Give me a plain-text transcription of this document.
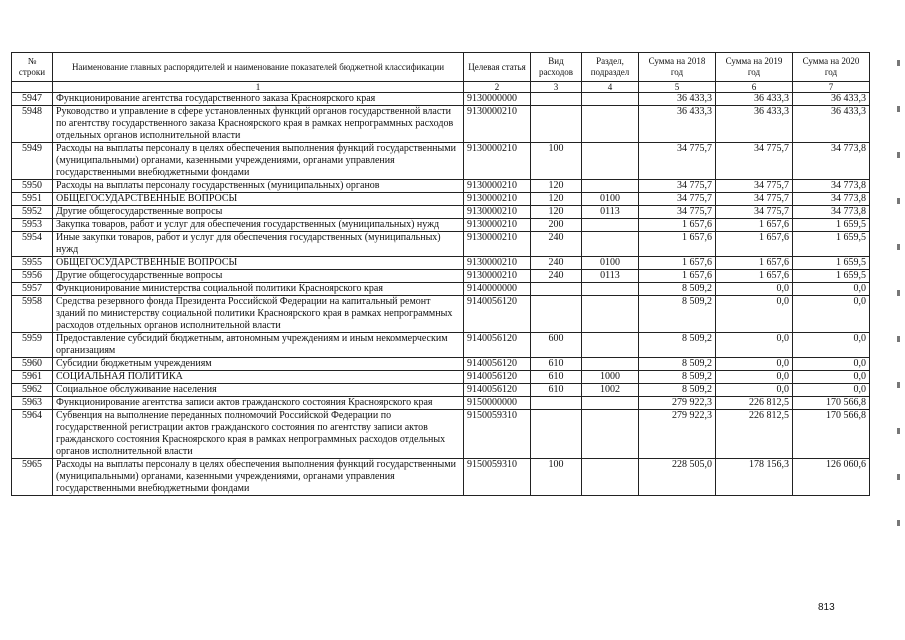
№ строки	Наименование главных распорядителей и наименование показателей бюджетной классификации	Целевая статья	Вид расходов	Раздел, подраздел	Сумма на 2018 год	Сумма на 2019 год	Сумма на 2020 год
	1	2	3	4	5	6	7
5947	Функционирование агентства государственного заказа Красноярского края	9130000000			36 433,3	36 433,3	36 433,3
5948	Руководство и управление в сфере установленных функций органов государственной власти по агентству государственного заказа Красноярского края в рамках непрограммных расходов отдельных органов исполнительной власти	9130000210			36 433,3	36 433,3	36 433,3
5949	Расходы на выплаты персоналу в целях обеспечения выполнения функций государственными (муниципальными) органами, казенными учреждениями, органами управления государственными внебюджетными фондами	9130000210	100		34 775,7	34 775,7	34 773,8
5950	Расходы на выплаты персоналу государственных (муниципальных) органов	9130000210	120		34 775,7	34 775,7	34 773,8
5951	ОБЩЕГОСУДАРСТВЕННЫЕ ВОПРОСЫ	9130000210	120	0100	34 775,7	34 775,7	34 773,8
5952	Другие общегосударственные вопросы	9130000210	120	0113	34 775,7	34 775,7	34 773,8
5953	Закупка товаров, работ и услуг для обеспечения государственных (муниципальных) нужд	9130000210	200		1 657,6	1 657,6	1 659,5
5954	Иные закупки товаров, работ и услуг для обеспечения государственных (муниципальных) нужд	9130000210	240		1 657,6	1 657,6	1 659,5
5955	ОБЩЕГОСУДАРСТВЕННЫЕ ВОПРОСЫ	9130000210	240	0100	1 657,6	1 657,6	1 659,5
5956	Другие общегосударственные вопросы	9130000210	240	0113	1 657,6	1 657,6	1 659,5
5957	Функционирование министерства социальной политики Красноярского края	9140000000			8 509,2	0,0	0,0
5958	Средства резервного фонда Президента Российской Федерации на капитальный ремонт зданий по министерству социальной политики Красноярского края в рамках непрограммных расходов отдельных органов исполнительной власти	9140056120			8 509,2	0,0	0,0
5959	Предоставление субсидий бюджетным, автономным учреждениям и иным некоммерческим организациям	9140056120	600		8 509,2	0,0	0,0
5960	Субсидии бюджетным учреждениям	9140056120	610		8 509,2	0,0	0,0
5961	СОЦИАЛЬНАЯ ПОЛИТИКА	9140056120	610	1000	8 509,2	0,0	0,0
5962	Социальное обслуживание населения	9140056120	610	1002	8 509,2	0,0	0,0
5963	Функционирование агентства записи актов гражданского состояния Красноярского края	9150000000			279 922,3	226 812,5	170 566,8
5964	Субвенция на выполнение переданных полномочий Российской Федерации по государственной регистрации актов гражданского состояния по агентству записи актов гражданского состояния Красноярского края в рамках непрограммных расходов отдельных органов исполнительной власти	9150059310			279 922,3	226 812,5	170 566,8
5965	Расходы на выплаты персоналу в целях обеспечения выполнения функций государственными (муниципальными) органами, казенными учреждениями, органами управления государственными внебюджетными фондами	9150059310	100		228 505,0	178 156,3	126 060,6
813
